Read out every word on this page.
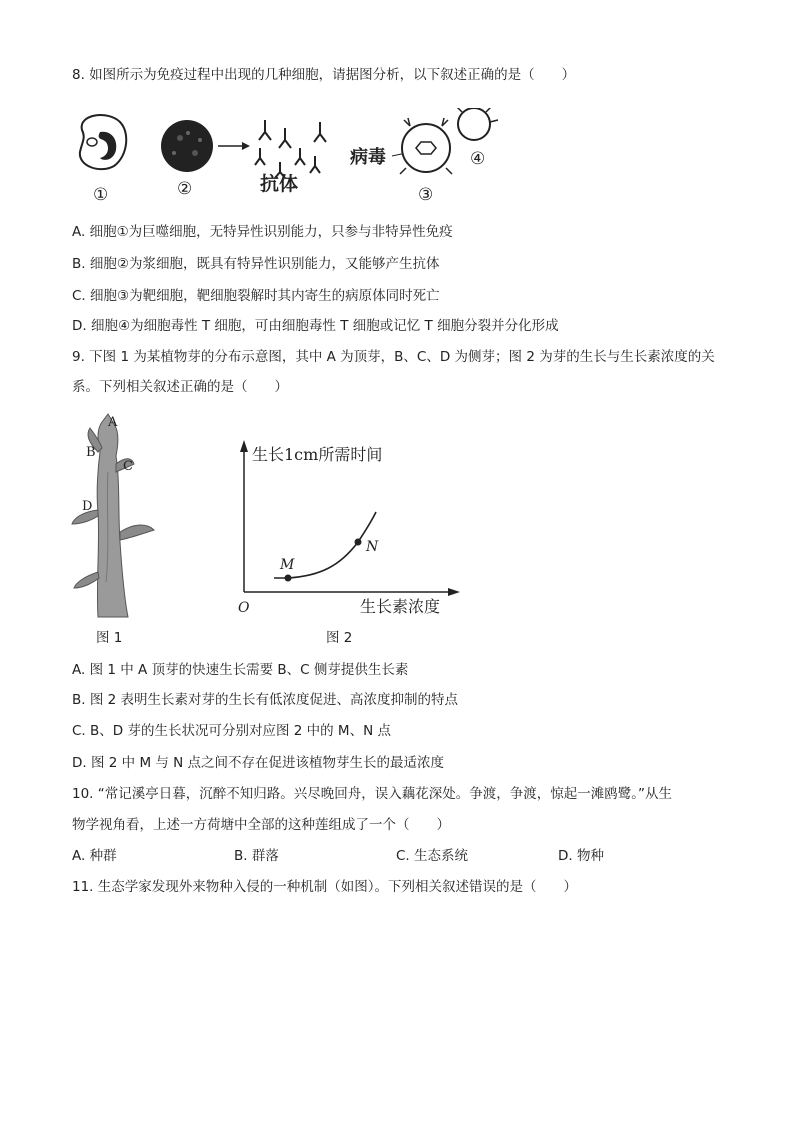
8. 如图所示为免疫过程中出现的几种细胞，请据图分析，以下叙述正确的是（　　）
①	②	抗体
病毒
③
④
A. 细胞①为巨噬细胞，无特异性识别能力，只参与非特异性免疫
B. 细胞②为浆细胞，既具有特异性识别能力，又能够产生抗体
C. 细胞③为靶细胞，靶细胞裂解时其内寄生的病原体同时死亡
D. 细胞④为细胞毒性 T 细胞，可由细胞毒性 T 细胞或记忆 T 细胞分裂并分化形成
9. 下图 1 为某植物芽的分布示意图，其中 A 为顶芽，B、C、D 为侧芽；图 2 为芽的生长与生长素浓度的关
系。下列相关叙述正确的是（　　）
A
B
C
D
图 1
M
N
生长1cm所需时间
生长素浓度
O
图 2
A. 图 1 中 A 顶芽的快速生长需要 B、C 侧芽提供生长素
B. 图 2 表明生长素对芽的生长有低浓度促进、高浓度抑制的特点
C. B、D 芽的生长状况可分别对应图 2 中的 M、N 点
D. 图 2 中 M 与 N 点之间不存在促进该植物芽生长的最适浓度
10. “常记溪亭日暮，沉醉不知归路。兴尽晚回舟，误入藕花深处。争渡，争渡，惊起一滩鸥鹭。”从生
物学视角看，上述一方荷塘中全部的这种莲组成了一个（　　）
A. 种群	B. 群落	C. 生态系统	D. 物种
11. 生态学家发现外来物种入侵的一种机制（如图）。下列相关叙述错误的是（　　）
